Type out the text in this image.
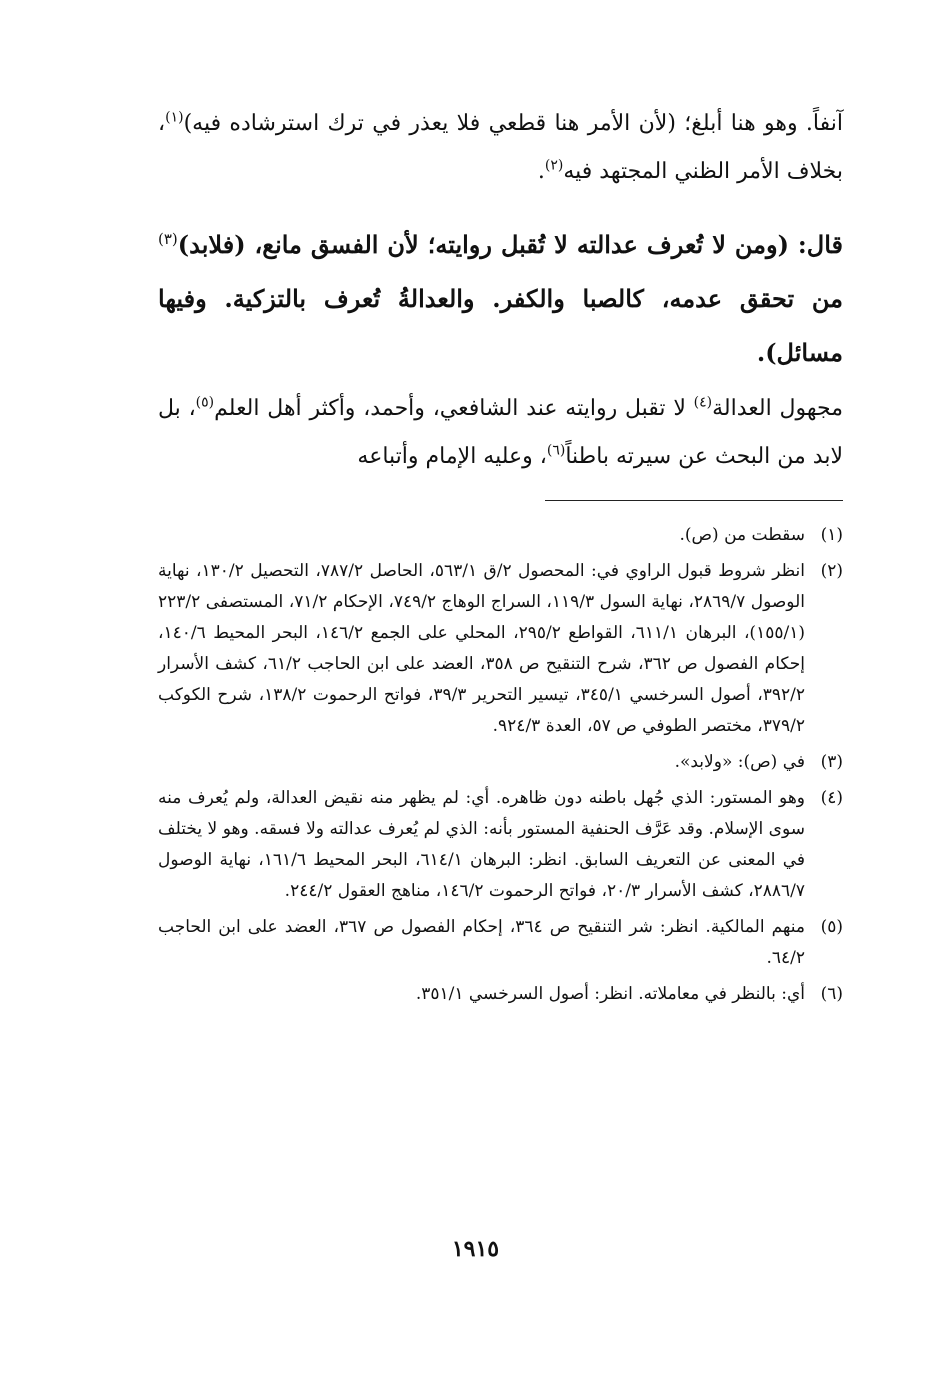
آنفاً. وهو هنا أبلغ؛ (لأن الأمر هنا قطعي فلا يعذر في ترك استرشاده فيه)$^{(١)}$، بخلاف الأمر الظني المجتهد فيه$^{(٢)}$.

قال: (ومن لا تُعرف عدالته لا تُقبل روايته؛ لأن الفسق مانع، (فلابد)$^{(٣)}$ من تحقق عدمه، كالصبا والكفر. والعدالةُ تُعرف بالتزكية. وفيها مسائل).

مجهول العدالة$^{(٤)}$ لا تقبل روايته عند الشافعي، وأحمد، وأكثر أهل العلم$^{(٥)}$، بل لابد من البحث عن سيرته باطناً$^{(٦)}$، وعليه الإمام وأتباعه

(١)
سقطت من (ص).
(٢)
انظر شروط قبول الراوي في: المحصول ٢/ق ٥٦٣/١، الحاصل ٧٨٧/٢، التحصيل ١٣٠/٢، نهاية الوصول ٢٨٦٩/٧، نهاية السول ١١٩/٣، السراج الوهاج ٧٤٩/٢، الإحكام ٧١/٢، المستصفى ٢٢٣/٢ (١٥٥/١)، البرهان ٦١١/١، القواطع ٢٩٥/٢، المحلي على الجمع ١٤٦/٢، البحر المحيط ١٤٠/٦، إحكام الفصول ص ٣٦٢، شرح التنقيح ص ٣٥٨، العضد على ابن الحاجب ٦١/٢، كشف الأسرار ٣٩٢/٢، أصول السرخسي ٣٤٥/١، تيسير التحرير ٣٩/٣، فواتح الرحموت ١٣٨/٢، شرح الكوكب ٣٧٩/٢، مختصر الطوفي ص ٥٧، العدة ٩٢٤/٣.
(٣)
في (ص): «ولابد».
(٤)
وهو المستور: الذي جُهل باطنه دون ظاهره. أي: لم يظهر منه نقيض العدالة، ولم يُعرف منه سوى الإسلام. وقد عَرَّف الحنفية المستور بأنه: الذي لم يُعرف عدالته ولا فسقه. وهو لا يختلف في المعنى عن التعريف السابق. انظر: البرهان ٦١٤/١، البحر المحيط ١٦١/٦، نهاية الوصول ٢٨٨٦/٧، كشف الأسرار ٢٠/٣، فواتح الرحموت ١٤٦/٢، مناهج العقول ٢٤٤/٢.
(٥)
منهم المالكية. انظر: شر التنقيح ص ٣٦٤، إحكام الفصول ص ٣٦٧، العضد على ابن الحاجب ٦٤/٢.
(٦)
أي: بالنظر في معاملاته. انظر: أصول السرخسي ٣٥١/١.
١٩١٥
